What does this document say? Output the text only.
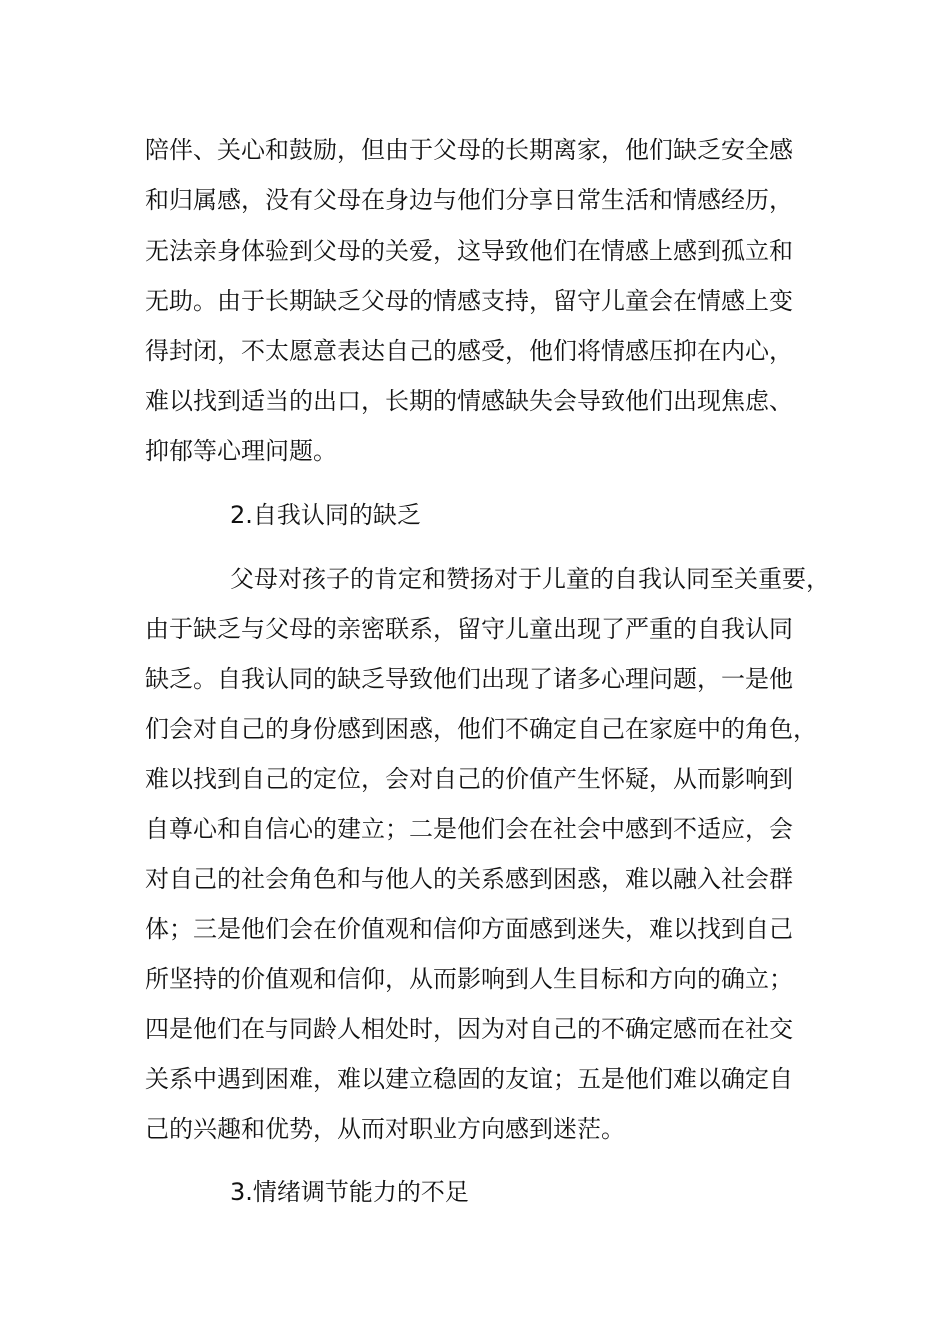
陪伴、关心和鼓励，但由于父母的长期离家，他们缺乏安全感
和归属感，没有父母在身边与他们分享日常生活和情感经历，
无法亲身体验到父母的关爱，这导致他们在情感上感到孤立和
无助。由于长期缺乏父母的情感支持，留守儿童会在情感上变
得封闭，不太愿意表达自己的感受，他们将情感压抑在内心，
难以找到适当的出口，长期的情感缺失会导致他们出现焦虑、
抑郁等心理问题。
2.自我认同的缺乏
父母对孩子的肯定和赞扬对于儿童的自我认同至关重要，
由于缺乏与父母的亲密联系，留守儿童出现了严重的自我认同
缺乏。自我认同的缺乏导致他们出现了诸多心理问题，一是他
们会对自己的身份感到困惑，他们不确定自己在家庭中的角色，
难以找到自己的定位，会对自己的价值产生怀疑，从而影响到
自尊心和自信心的建立；二是他们会在社会中感到不适应，会
对自己的社会角色和与他人的关系感到困惑，难以融入社会群
体；三是他们会在价值观和信仰方面感到迷失，难以找到自己
所坚持的价值观和信仰，从而影响到人生目标和方向的确立；
四是他们在与同龄人相处时，因为对自己的不确定感而在社交
关系中遇到困难，难以建立稳固的友谊；五是他们难以确定自
己的兴趣和优势，从而对职业方向感到迷茫。
3.情绪调节能力的不足
